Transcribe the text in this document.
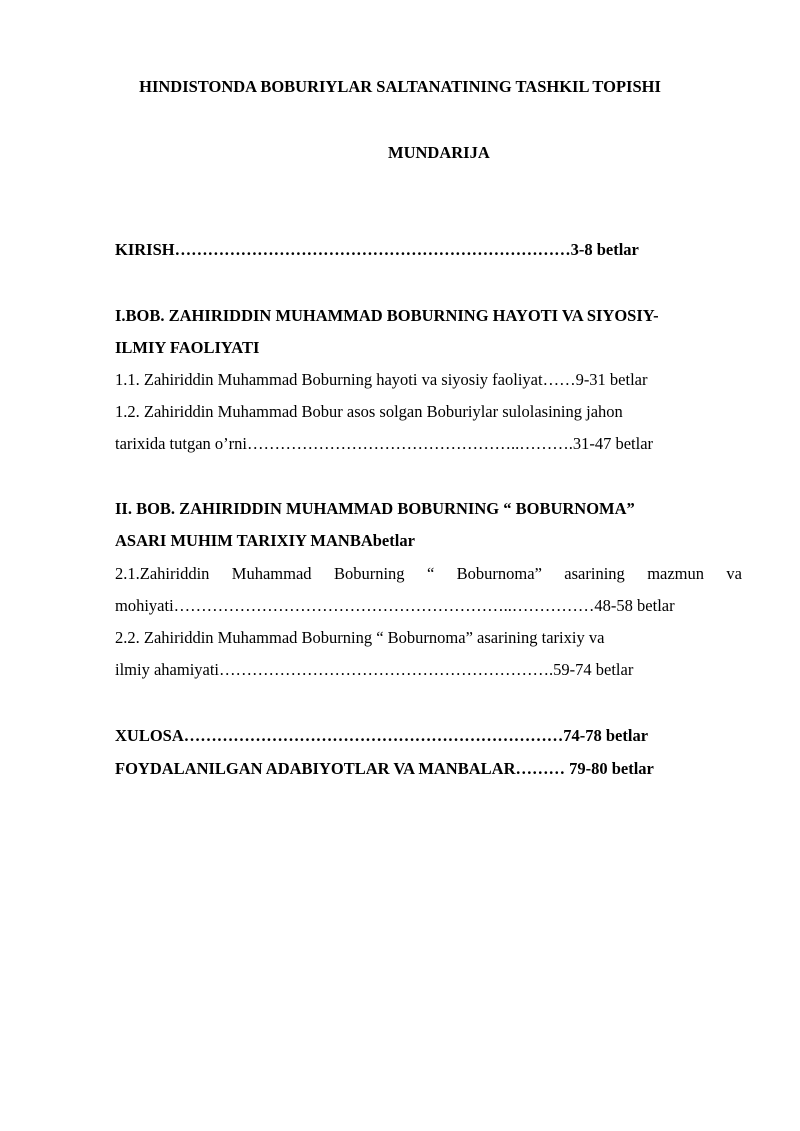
HINDISTONDA BOBURIYLAR SALTANATINING TASHKIL TOPISHI
MUNDARIJA
KIRISH………………………………………………………………3-8 betlar
I.BOB. ZAHIRIDDIN MUHAMMAD BOBURNING HAYOTI VA SIYOSIY-
ILMIY FAOLIYATI
1.1. Zahiriddin Muhammad Boburning hayoti va siyosiy faoliyat……9-31 betlar
1.2. Zahiriddin Muhammad Bobur asos solgan Boburiylar sulolasining jahon
tarixida tutgan o’rni…………………………………………..……….31-47 betlar
II. BOB. ZAHIRIDDIN MUHAMMAD BOBURNING “ BOBURNOMA”
ASARI MUHIM TARIXIY MANBAbetlar
2.1.Zahiriddin Muhammad Boburning “ Boburnoma” asarining mazmun va
mohiyati……………………………………………………..……………48-58 betlar
2.2. Zahiriddin Muhammad Boburning “ Boburnoma” asarining tarixiy va
ilmiy ahamiyati…………………………………………………….59-74 betlar
XULOSA……………………………………………………………74-78 betlar
FOYDALANILGAN ADABIYOTLAR VA MANBALAR……… 79-80 betlar
